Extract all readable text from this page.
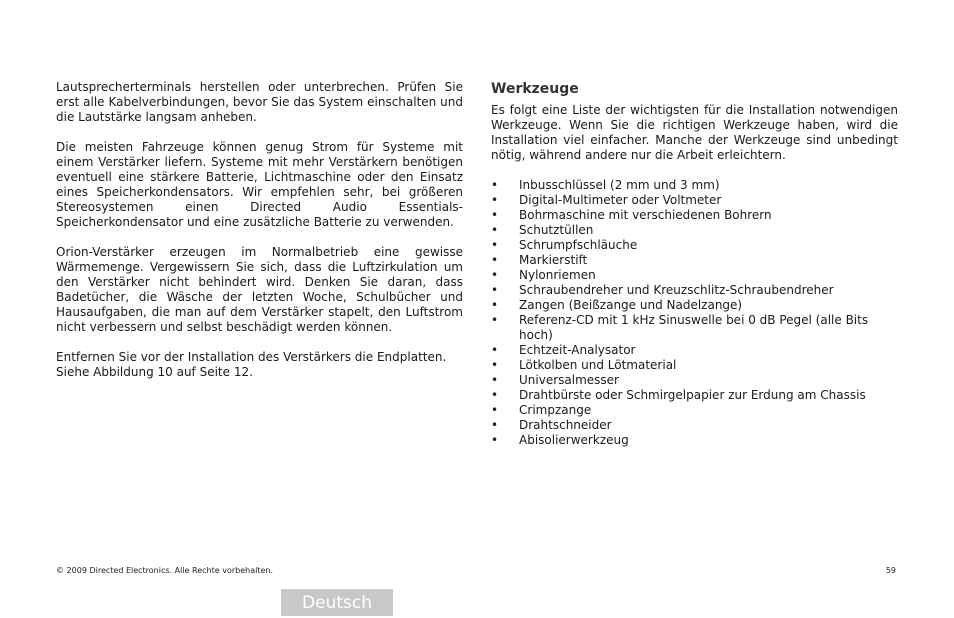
Lautsprecherterminals herstellen oder unterbrechen. Prüfen Sie erst alle Kabelverbindungen, bevor Sie das System einschalten und die Lautstärke langsam anheben.

Die meisten Fahrzeuge können genug Strom für Systeme mit einem Verstärker liefern. Systeme mit mehr Verstärkern benötigen eventuell eine stärkere Batterie, Lichtmaschine oder den Einsatz eines Speicherkondensators. Wir empfehlen sehr, bei größeren Stereosystemen einen Directed Audio Essentials-Speicherkondensator und eine zusätzliche Batterie zu verwenden.

Orion-Verstärker erzeugen im Normalbetrieb eine gewisse Wärmemenge. Vergewissern Sie sich, dass die Luftzirkulation um den Verstärker nicht behindert wird. Denken Sie daran, dass Badetücher, die Wäsche der letzten Woche, Schulbücher und Hausaufgaben, die man auf dem Verstärker stapelt, den Luftstrom nicht verbessern und selbst beschädigt werden können.

Entfernen Sie vor der Installation des Verstärkers die Endplatten.
Siehe Abbildung 10 auf Seite 12.

Werkzeuge

Es folgt eine Liste der wichtigsten für die Installation notwendigen Werkzeuge. Wenn Sie die richtigen Werkzeuge haben, wird die Installation viel einfacher. Manche der Werkzeuge sind unbedingt nötig, während andere nur die Arbeit erleichtern.

• Inbusschlüssel (2 mm und 3 mm)
• Digital-Multimeter oder Voltmeter
• Bohrmaschine mit verschiedenen Bohrern
• Schutztüllen
• Schrumpfschläuche
• Markierstift
• Nylonriemen
• Schraubendreher und Kreuzschlitz-Schraubendreher
• Zangen (Beißzange und Nadelzange)
• Referenz-CD mit 1 kHz Sinuswelle bei 0 dB Pegel (alle Bits hoch)
• Echtzeit-Analysator
• Lötkolben und Lötmaterial
• Universalmesser
• Drahtbürste oder Schmirgelpapier zur Erdung am Chassis
• Crimpzange
• Drahtschneider
• Abisolierwerkzeug
© 2009 Directed Electronics. Alle Rechte vorbehalten.	59
Deutsch
